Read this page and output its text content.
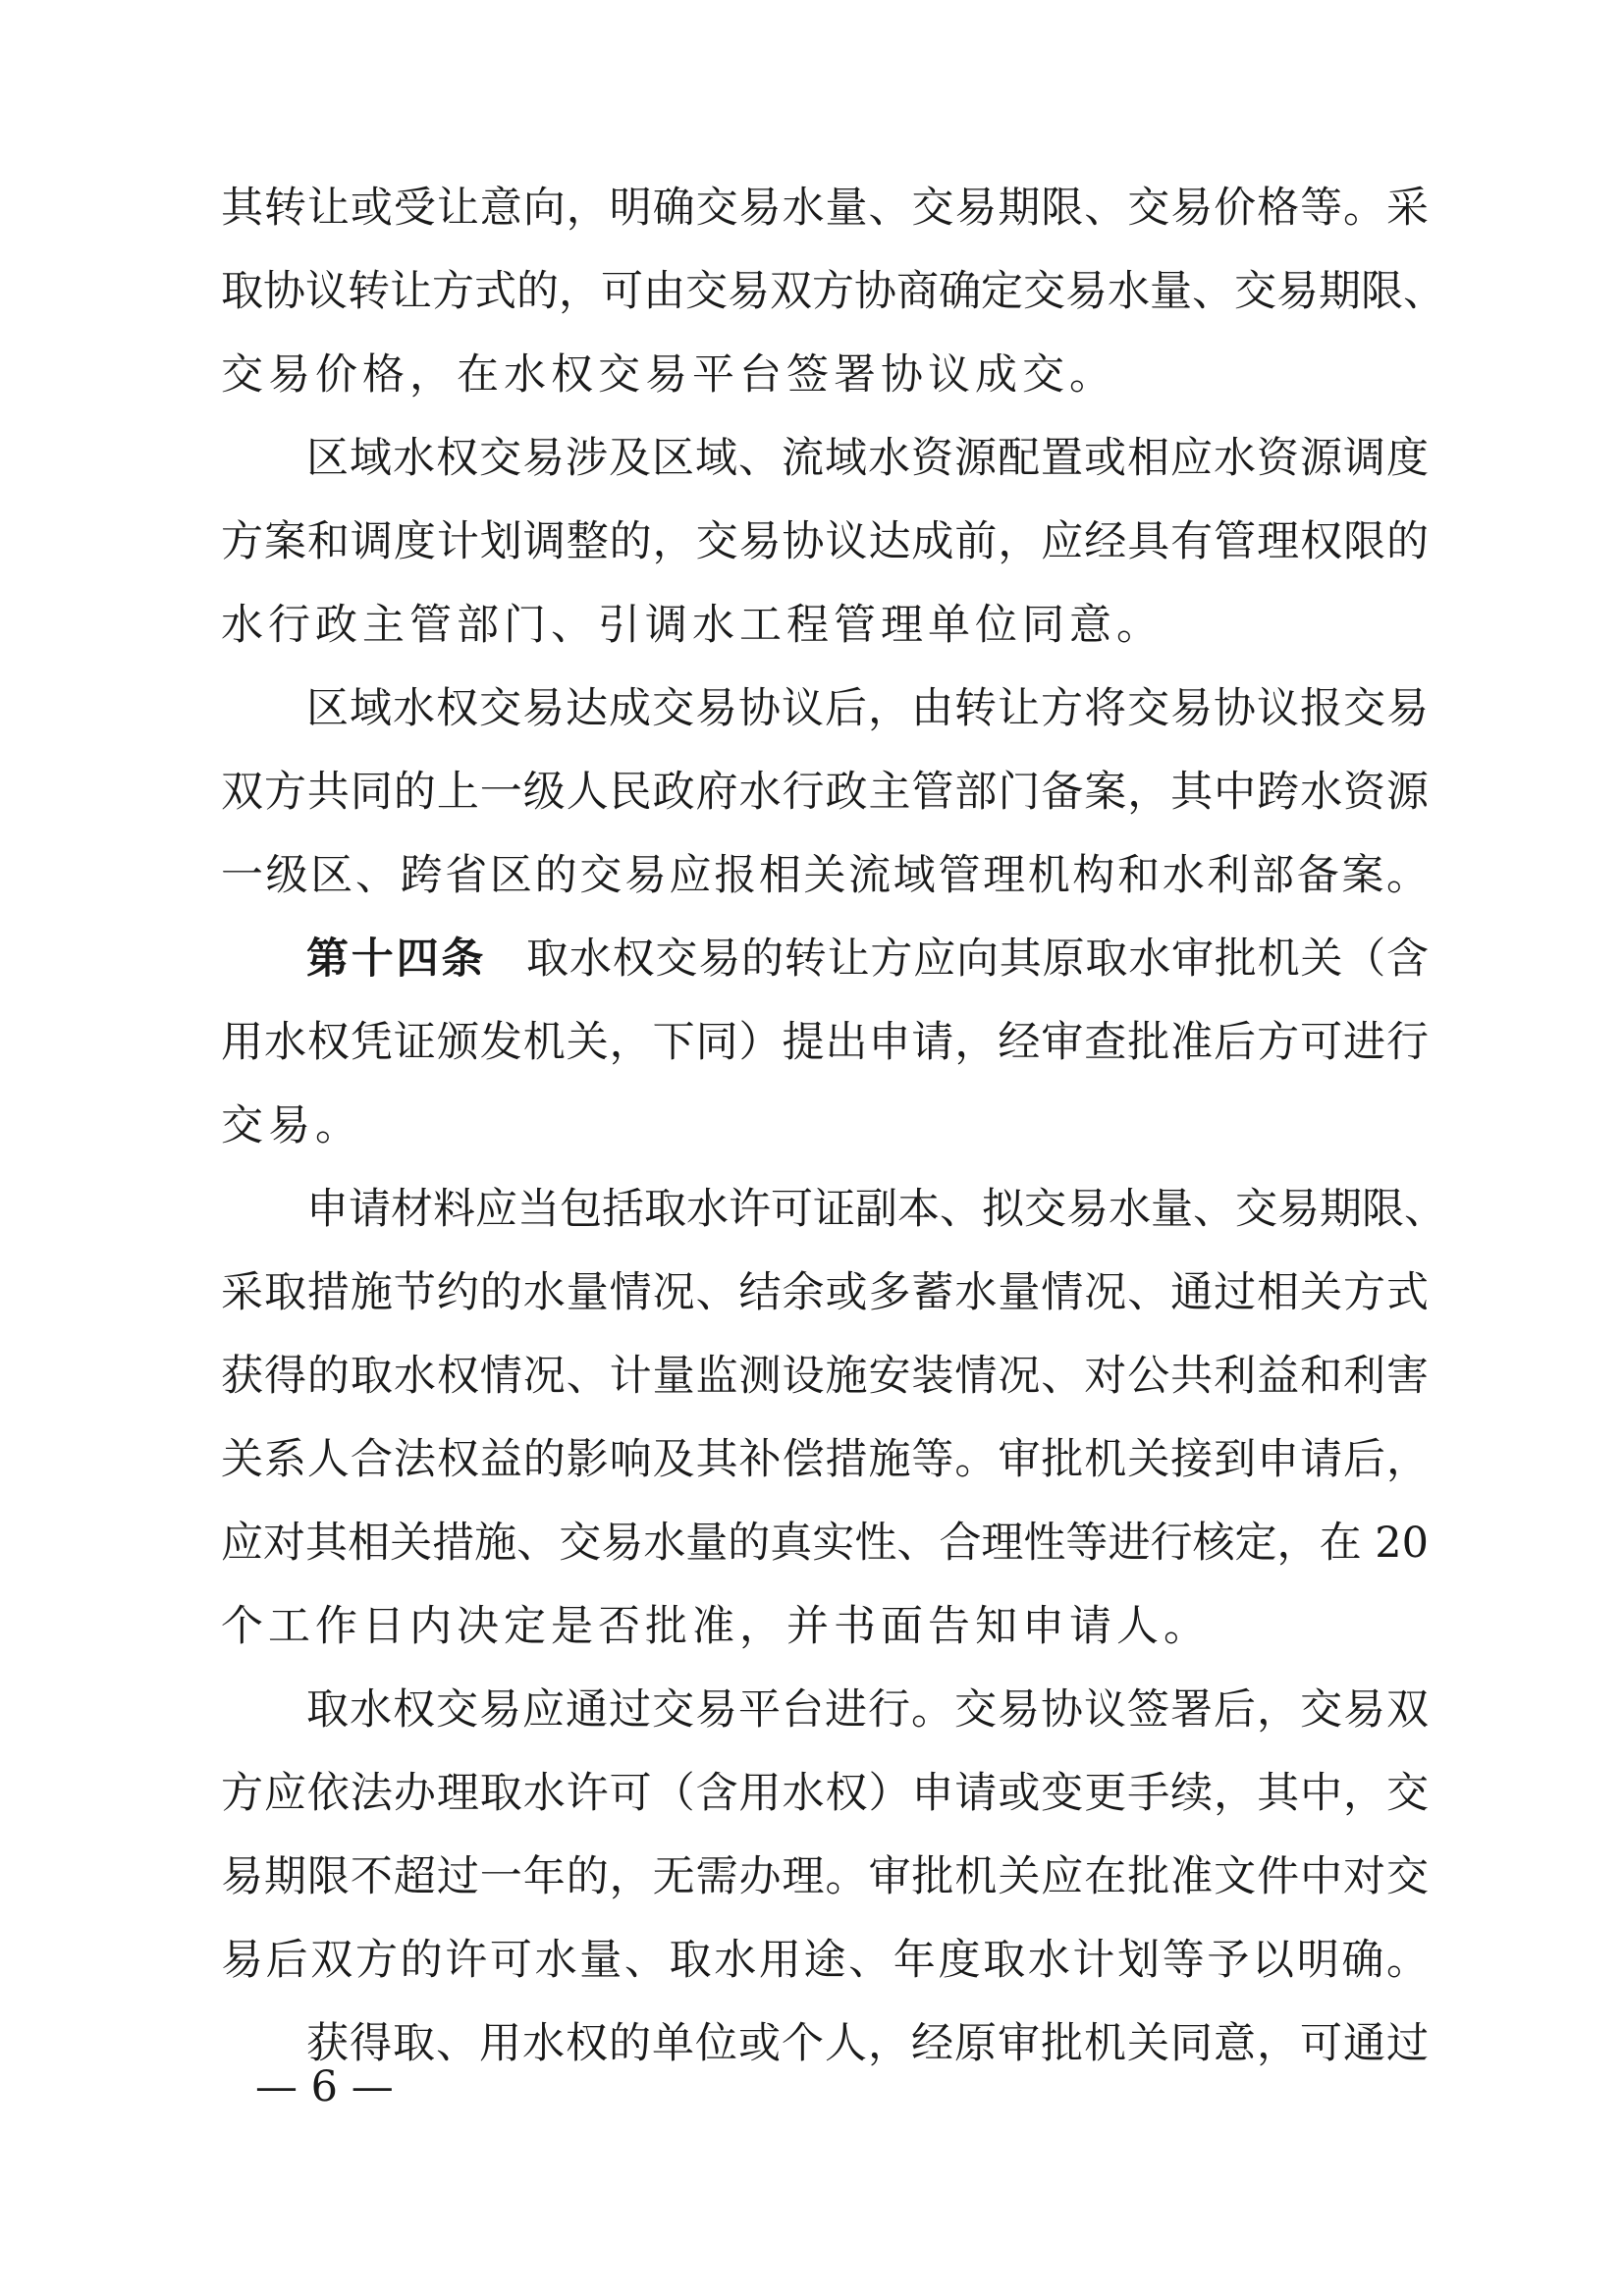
其转让或受让意向，明确交易水量、交易期限、交易价格等。采
取协议转让方式的，可由交易双方协商确定交易水量、交易期限、
交易价格，在水权交易平台签署协议成交。
区域水权交易涉及区域、流域水资源配置或相应水资源调度
方案和调度计划调整的，交易协议达成前，应经具有管理权限的
水行政主管部门、引调水工程管理单位同意。
区域水权交易达成交易协议后，由转让方将交易协议报交易
双方共同的上一级人民政府水行政主管部门备案，其中跨水资源
一级区、跨省区的交易应报相关流域管理机构和水利部备案。
第十四条 取水权交易的转让方应向其原取水审批机关（含
用水权凭证颁发机关，下同）提出申请，经审查批准后方可进行
交易。
申请材料应当包括取水许可证副本、拟交易水量、交易期限、
采取措施节约的水量情况、结余或多蓄水量情况、通过相关方式
获得的取水权情况、计量监测设施安装情况、对公共利益和利害
关系人合法权益的影响及其补偿措施等。审批机关接到申请后，
应对其相关措施、交易水量的真实性、合理性等进行核定，在 20
个工作日内决定是否批准，并书面告知申请人。
取水权交易应通过交易平台进行。交易协议签署后，交易双
方应依法办理取水许可（含用水权）申请或变更手续，其中，交
易期限不超过一年的，无需办理。审批机关应在批准文件中对交
易后双方的许可水量、取水用途、年度取水计划等予以明确。
获得取、用水权的单位或个人，经原审批机关同意，可通过
— 6 —
